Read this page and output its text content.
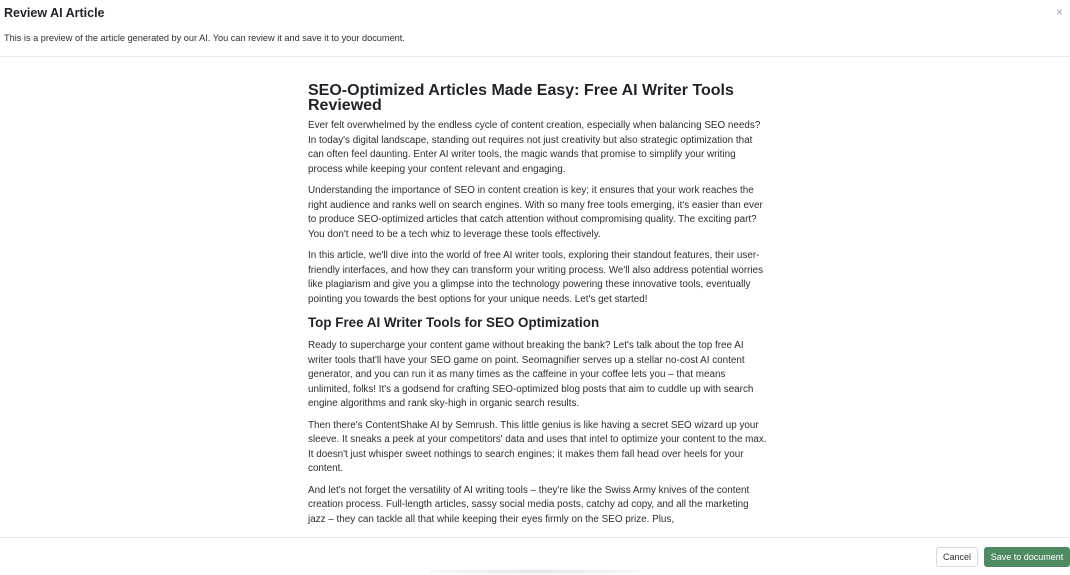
Review AI Article
This is a preview of the article generated by our AI. You can review it and save it to your document.
×
SEO-Optimized Articles Made Easy: Free AI Writer Tools
Reviewed

Ever felt overwhelmed by the endless cycle of content creation, especially when balancing SEO needs? In today's digital landscape, standing out requires not just creativity but also strategic optimization that can often feel daunting. Enter AI writer tools, the magic wands that promise to simplify your writing process while keeping your content relevant and engaging.

Understanding the importance of SEO in content creation is key; it ensures that your work reaches the right audience and ranks well on search engines. With so many free tools emerging, it's easier than ever to produce SEO-optimized articles that catch attention without compromising quality. The exciting part? You don't need to be a tech whiz to leverage these tools effectively.

In this article, we'll dive into the world of free AI writer tools, exploring their standout features, their user-friendly interfaces, and how they can transform your writing process. We'll also address potential worries like plagiarism and give you a glimpse into the technology powering these innovative tools, eventually pointing you towards the best options for your unique needs. Let's get started!

Top Free AI Writer Tools for SEO Optimization

Ready to supercharge your content game without breaking the bank? Let's talk about the top free AI writer tools that'll have your SEO game on point. Seomagnifier serves up a stellar no-cost AI content generator, and you can run it as many times as the caffeine in your coffee lets you – that means unlimited, folks! It's a godsend for crafting SEO-optimized blog posts that aim to cuddle up with search engine algorithms and rank sky-high in organic search results.

Then there's ContentShake AI by Semrush. This little genius is like having a secret SEO wizard up your sleeve. It sneaks a peek at your competitors' data and uses that intel to optimize your content to the max. It doesn't just whisper sweet nothings to search engines; it makes them fall head over heels for your content.

And let's not forget the versatility of AI writing tools – they're like the Swiss Army knives of the content creation process. Full-length articles, sassy social media posts, catchy ad copy, and all the marketing jazz – they can tackle all that while keeping their eyes firmly on the SEO prize. Plus,

Cancel	Save to document
